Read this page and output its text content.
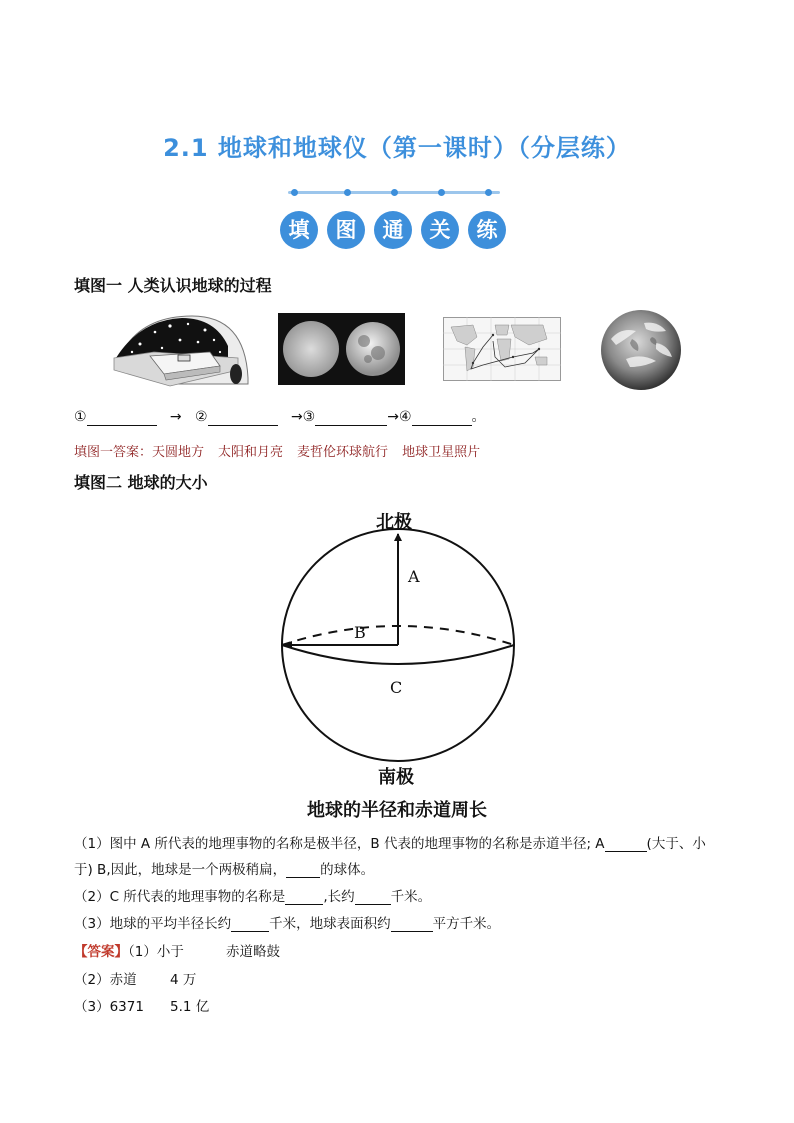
2.1 地球和地球仪（第一课时）（分层练）
填	图	通	关	练
填图一 人类认识地球的过程
①	→ ②	→③	→④	。
填图一答案：天圆地方 太阳和月亮 麦哲伦环球航行 地球卫星照片
填图二 地球的大小
北极
南极
A
B
C
地球的半径和赤道周长
（1）图中 A 所代表的地理事物的名称是极半径，B 代表的地理事物的名称是赤道半径; A	(大于、小
于) B,因此，地球是一个两极稍扁，	的球体。
（2）C 所代表的地理事物的名称是	,长约	千米。
（3）地球的平均半径长约	千米，地球表面积约	平方千米。
【答案】（1）小于	赤道略鼓
（2）赤道 4 万
（3）6371 5.1 亿
